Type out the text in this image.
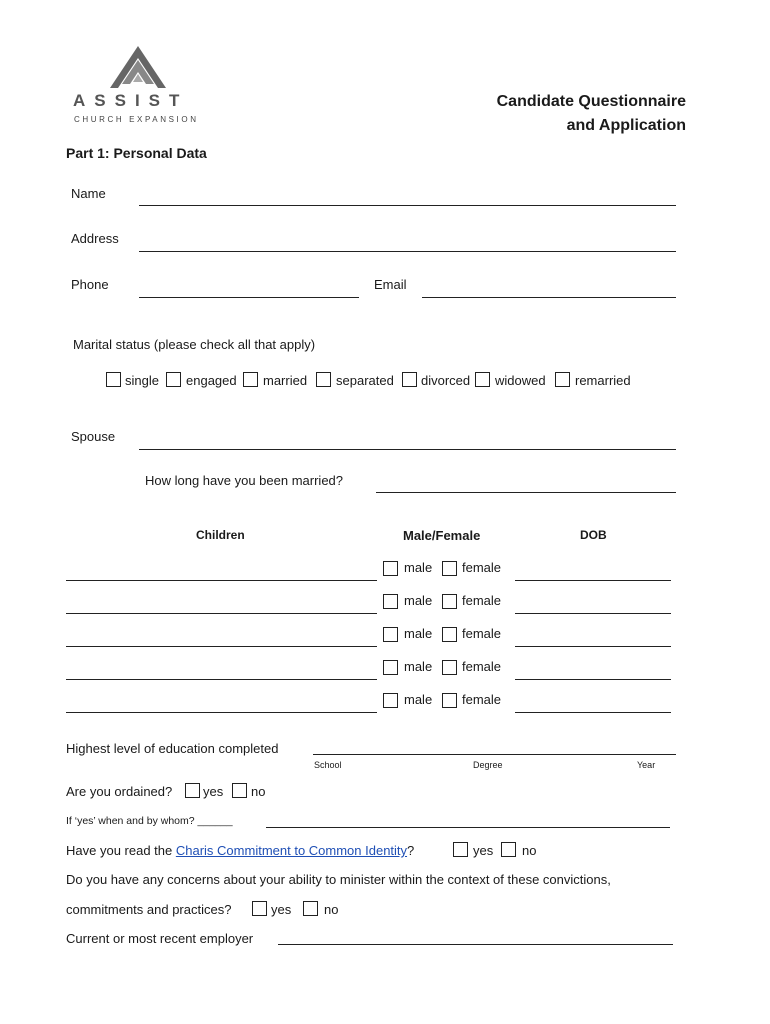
ASSIST
CHURCH EXPANSION
Candidate Questionnaire
and Application
Part 1: Personal Data
Name
Address
Phone	Email
Marital status (please check all that apply)
single engaged married separated divorced widowed remarried
Spouse
How long have you been married?
Children	Male/Female	DOB
male female
male female
male female
male female
male female
Highest level of education completed
School	Degree	Year
Are you ordained? yes no
If ‘yes’ when and by whom? ______
Have you read the Charis Commitment to Common Identity?	yes no
Do you have any concerns about your ability to minister within the context of these convictions,
commitments and practices?	yes	no
Current or most recent employer
